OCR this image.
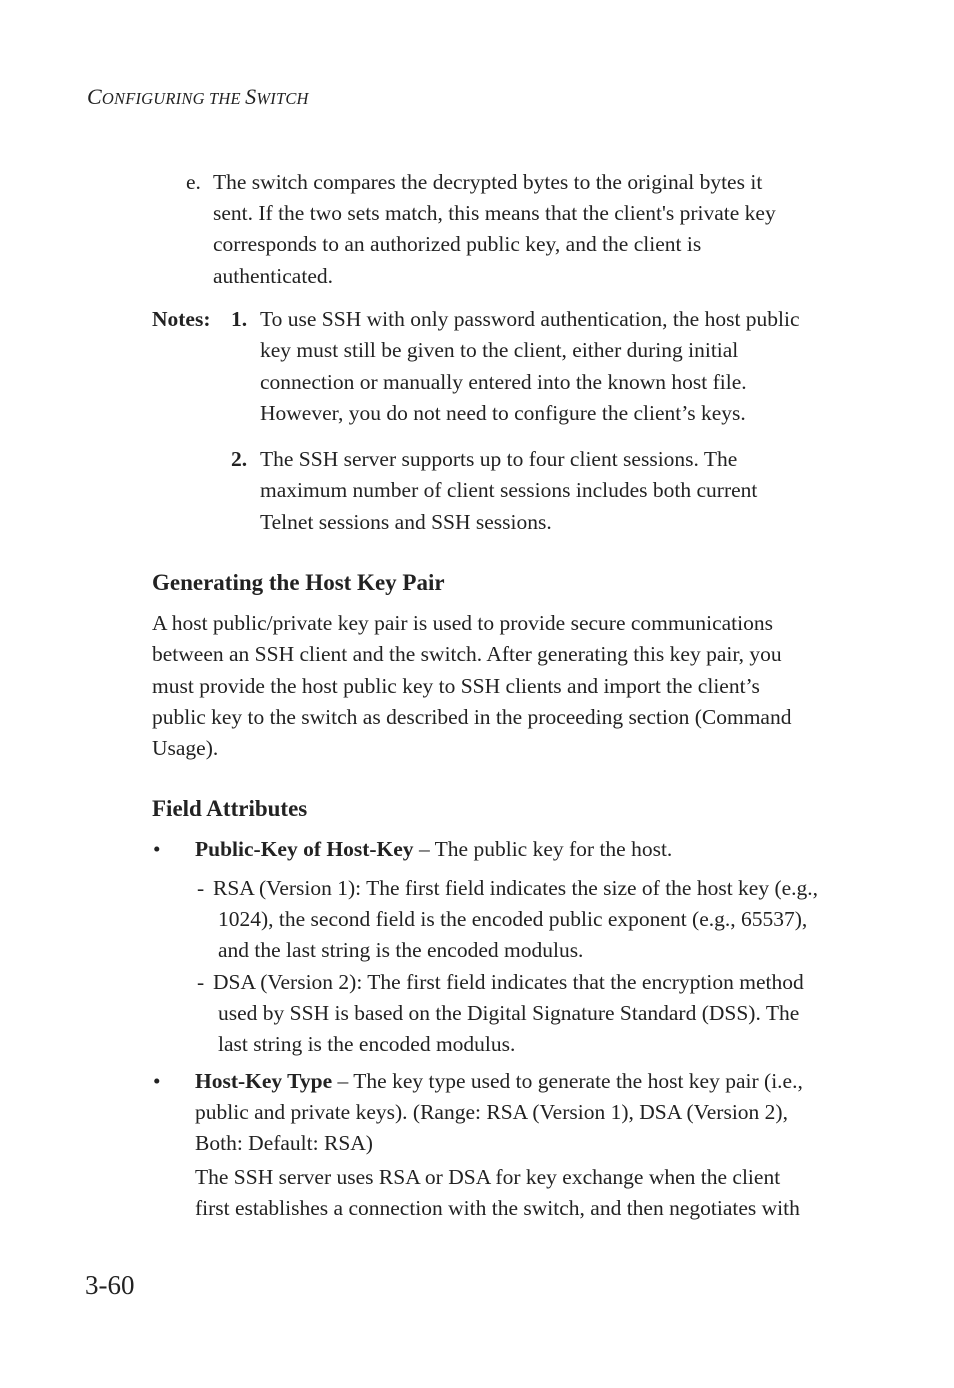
CONFIGURING THE SWITCH
e. The switch compares the decrypted bytes to the original bytes it
sent. If the two sets match, this means that the client's private key
corresponds to an authorized public key, and the client is
authenticated.
Notes: 1. To use SSH with only password authentication, the host public
key must still be given to the client, either during initial
connection or manually entered into the known host file.
However, you do not need to configure the client’s keys.
2. The SSH server supports up to four client sessions. The
maximum number of client sessions includes both current
Telnet sessions and SSH sessions.
Generating the Host Key Pair
A host public/private key pair is used to provide secure communications
between an SSH client and the switch. After generating this key pair, you
must provide the host public key to SSH clients and import the client’s
public key to the switch as described in the proceeding section (Command
Usage).
Field Attributes
• Public-Key of Host-Key – The public key for the host.
- RSA (Version 1): The first field indicates the size of the host key (e.g.,
1024), the second field is the encoded public exponent (e.g., 65537),
and the last string is the encoded modulus.
- DSA (Version 2): The first field indicates that the encryption method
used by SSH is based on the Digital Signature Standard (DSS). The
last string is the encoded modulus.
• Host-Key Type – The key type used to generate the host key pair (i.e.,
public and private keys). (Range: RSA (Version 1), DSA (Version 2),
Both: Default: RSA)
The SSH server uses RSA or DSA for key exchange when the client
first establishes a connection with the switch, and then negotiates with
3-60
